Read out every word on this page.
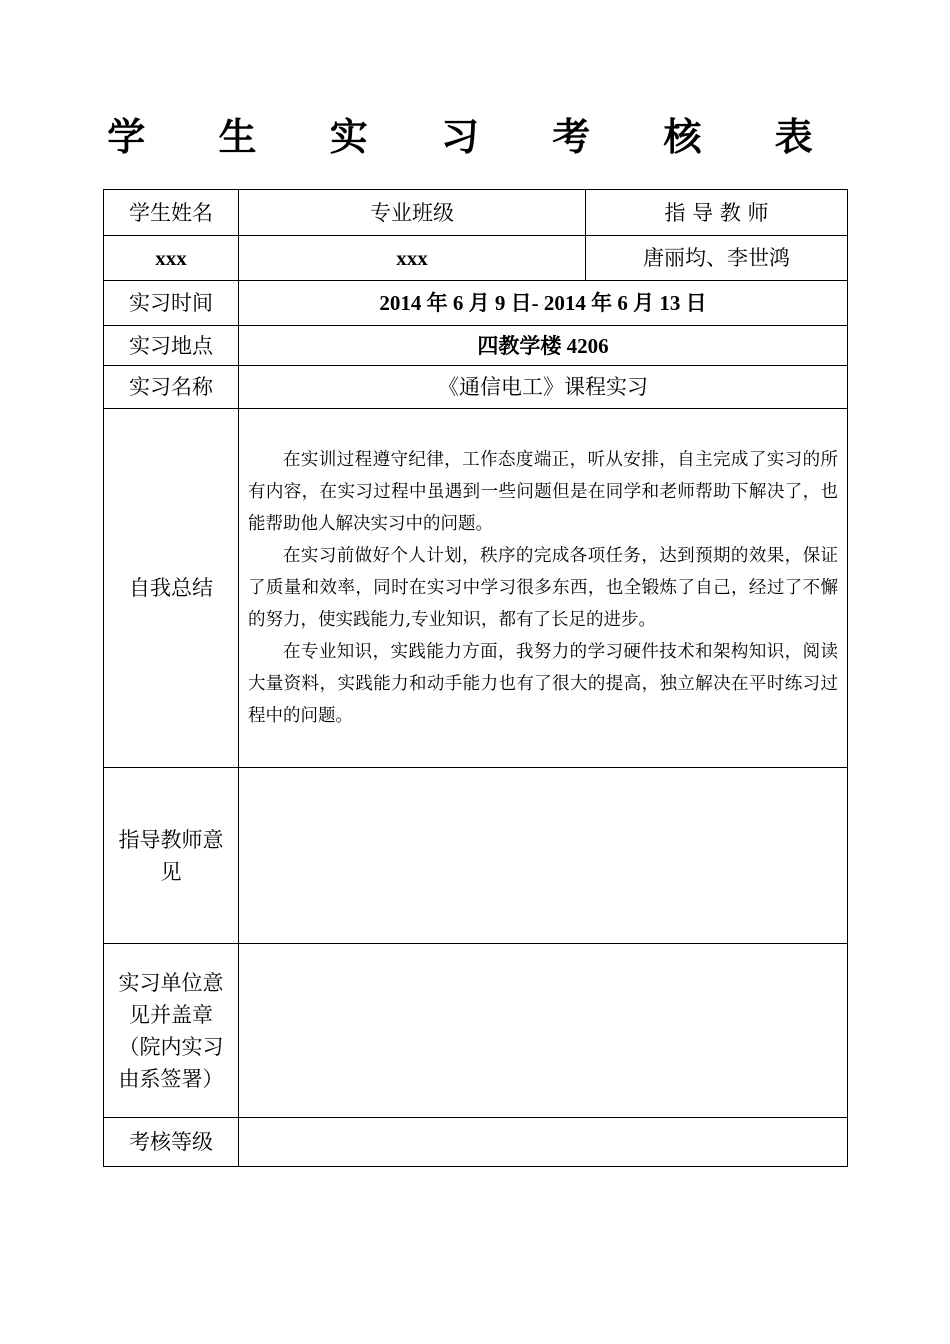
学 生 实 习 考 核 表
学生姓名	专业班级	指 导 教 师
xxx	xxx	唐丽均、李世鸿
实习时间	2014 年 6 月 9 日- 2014 年 6 月 13 日	
实习地点	四教学楼 4206	
实习名称	《通信电工》课程实习	
自我总结	在实训过程遵守纪律，工作态度端正，听从安排，自主完成了实习的所有内容，在实习过程中虽遇到一些问题但是在同学和老师帮助下解决了，也能帮助他人解决实习中的问题。

在实习前做好个人计划，秩序的完成各项任务，达到预期的效果，保证了质量和效率，同时在实习中学习很多东西，也全锻炼了自己，经过了不懈的努力，使实践能力,专业知识，都有了长足的进步。

在专业知识，实践能力方面，我努力的学习硬件技术和架构知识，阅读大量资料，实践能力和动手能力也有了很大的提高，独立解决在平时练习过程中的问题。	

指导教师意见		
实习单位意见并盖章（院内实习由系签署）		
考核等级		
